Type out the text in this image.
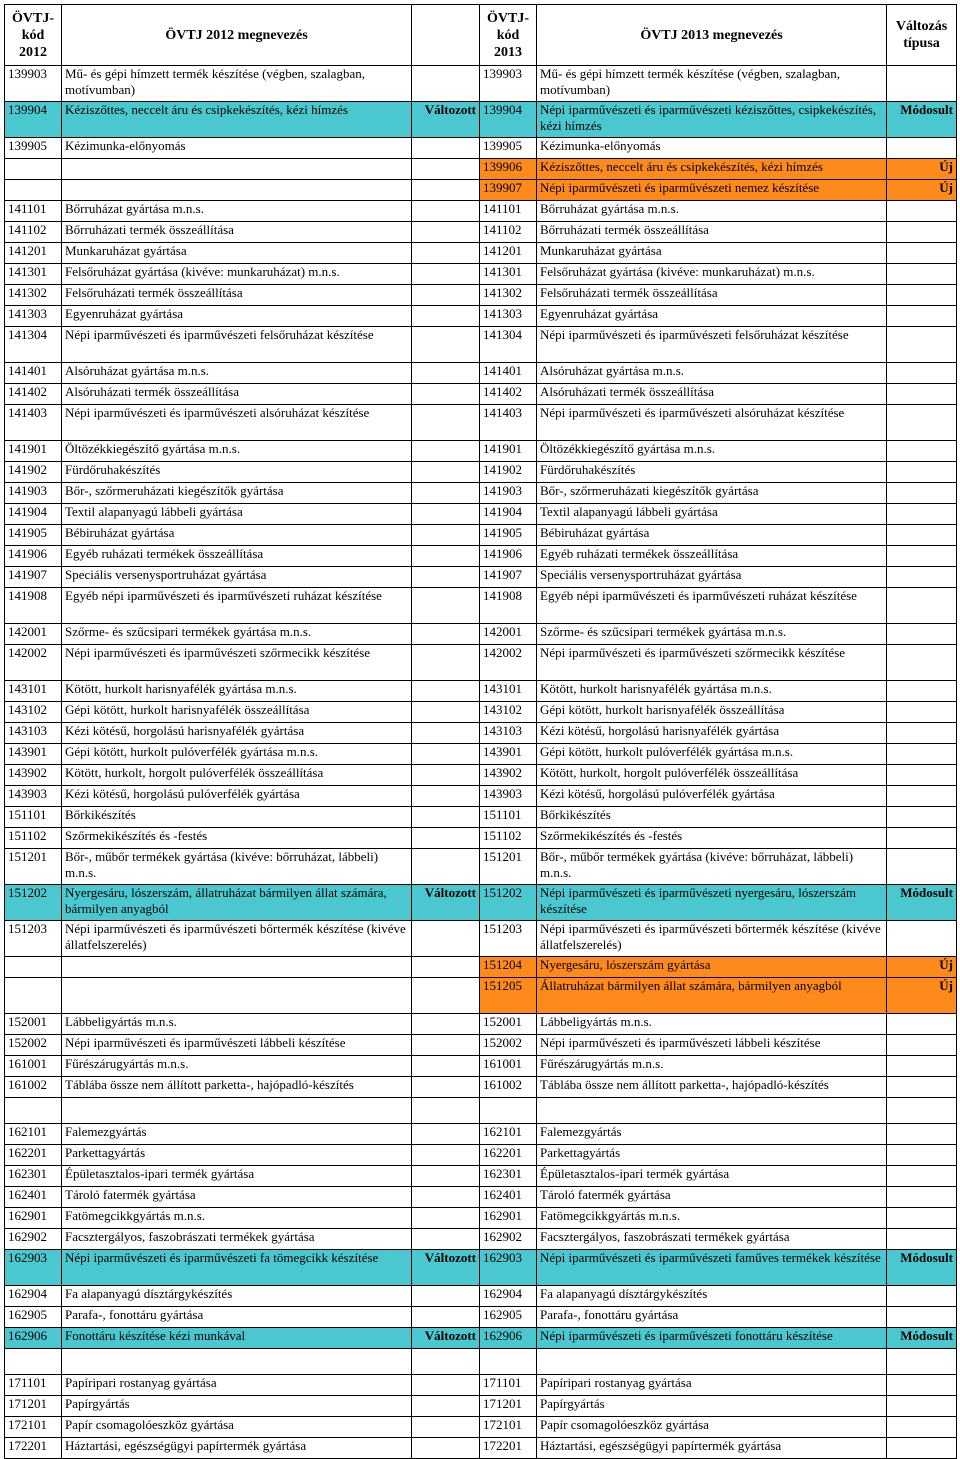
ÖVTJ-kód 2012	ÖVTJ 2012 megnevezés		ÖVTJ-kód 2013	ÖVTJ 2013 megnevezés	Változás típusa
139903	Mű- és gépi hímzett termék készítése (végben, szalagban, motívumban)		139903	Mű- és gépi hímzett termék készítése (végben, szalagban, motívumban)	
139904	Kéziszőttes, neccelt áru és csipkekészítés, kézi hímzés	Változott	139904	Népi iparművészeti és iparművészeti kéziszőttes, csipkekészítés, kézi hímzés	Módosult
139905	Kézimunka-előnyomás		139905	Kézimunka-előnyomás	
			139906	Kéziszőttes, neccelt áru és csipkekészítés, kézi hímzés	Új
			139907	Népi iparművészeti és iparművészeti nemez készítése	Új
141101	Bőrruházat gyártása m.n.s.		141101	Bőrruházat gyártása m.n.s.	
141102	Bőrruházati termék összeállítása		141102	Bőrruházati termék összeállítása	
141201	Munkaruházat gyártása		141201	Munkaruházat gyártása	
141301	Felsőruházat gyártása (kivéve: munkaruházat) m.n.s.		141301	Felsőruházat gyártása (kivéve: munkaruházat) m.n.s.	
141302	Felsőruházati termék összeállítása		141302	Felsőruházati termék összeállítása	
141303	Egyenruházat gyártása		141303	Egyenruházat gyártása	
141304	Népi iparművészeti és iparművészeti felsőruházat készítése		141304	Népi iparművészeti és iparművészeti felsőruházat készítése	
141401	Alsóruházat gyártása m.n.s.		141401	Alsóruházat gyártása m.n.s.	
141402	Alsóruházati termék összeállítása		141402	Alsóruházati termék összeállítása	
141403	Népi iparművészeti és iparművészeti alsóruházat készítése		141403	Népi iparművészeti és iparművészeti alsóruházat készítése	
141901	Öltözékkiegészítő gyártása m.n.s.		141901	Öltözékkiegészítő gyártása m.n.s.	
141902	Fürdőruhakészítés		141902	Fürdőruhakészítés	
141903	Bőr-, szőrmeruházati kiegészítők gyártása		141903	Bőr-, szőrmeruházati kiegészítők gyártása	
141904	Textil alapanyagú lábbeli gyártása		141904	Textil alapanyagú lábbeli gyártása	
141905	Bébiruházat gyártása		141905	Bébiruházat gyártása	
141906	Egyéb ruházati termékek összeállítása		141906	Egyéb ruházati termékek összeállítása	
141907	Speciális versenysportruházat gyártása		141907	Speciális versenysportruházat gyártása	
141908	Egyéb népi iparművészeti és iparművészeti ruházat készítése		141908	Egyéb népi iparművészeti és iparművészeti ruházat készítése	
142001	Szőrme- és szűcsipari termékek gyártása m.n.s.		142001	Szőrme- és szűcsipari termékek gyártása m.n.s.	
142002	Népi iparművészeti és iparművészeti szőrmecikk készítése		142002	Népi iparművészeti és iparművészeti szőrmecikk készítése	
143101	Kötött, hurkolt harisnyafélék gyártása m.n.s.		143101	Kötött, hurkolt harisnyafélék gyártása m.n.s.	
143102	Gépi kötött, hurkolt harisnyafélék összeállítása		143102	Gépi kötött, hurkolt harisnyafélék összeállítása	
143103	Kézi kötésű, horgolású harisnyafélék gyártása		143103	Kézi kötésű, horgolású harisnyafélék gyártása	
143901	Gépi kötött, hurkolt pulóverfélék gyártása m.n.s.		143901	Gépi kötött, hurkolt pulóverfélék gyártása m.n.s.	
143902	Kötött, hurkolt, horgolt pulóverfélék összeállítása		143902	Kötött, hurkolt, horgolt pulóverfélék összeállítása	
143903	Kézi kötésű, horgolású pulóverfélék gyártása		143903	Kézi kötésű, horgolású pulóverfélék gyártása	
151101	Bőrkikészítés		151101	Bőrkikészítés	
151102	Szőrmekikészítés és -festés		151102	Szőrmekikészítés és -festés	
151201	Bőr-, műbőr termékek gyártása (kivéve: bőrruházat, lábbeli) m.n.s.		151201	Bőr-, műbőr termékek gyártása (kivéve: bőrruházat, lábbeli) m.n.s.	
151202	Nyergesáru, lószerszám, állatruházat bármilyen állat számára, bármilyen anyagból	Változott	151202	Népi iparművészeti és iparművészeti nyergesáru, lószerszám készítése	Módosult
151203	Népi iparművészeti és iparművészeti bőrtermék készítése (kivéve állatfelszerelés)		151203	Népi iparművészeti és iparművészeti bőrtermék készítése (kivéve állatfelszerelés)	
			151204	Nyergesáru, lószerszám gyártása	Új
			151205	Állatruházat bármilyen állat számára, bármilyen anyagból	Új
152001	Lábbeligyártás m.n.s.		152001	Lábbeligyártás m.n.s.	
152002	Népi iparművészeti és iparművészeti lábbeli készítése		152002	Népi iparművészeti és iparművészeti lábbeli készítése	
161001	Fűrészárugyártás m.n.s.		161001	Fűrészárugyártás m.n.s.	
161002	Táblába össze nem állított parketta-, hajópadló-készítés		161002	Táblába össze nem állított parketta-, hajópadló-készítés	

162101	Falemezgyártás		162101	Falemezgyártás	
162201	Parkettagyártás		162201	Parkettagyártás	
162301	Épületasztalos-ipari termék gyártása		162301	Épületasztalos-ipari termék gyártása	
162401	Tároló fatermék gyártása		162401	Tároló fatermék gyártása	
162901	Fatömegcikkgyártás m.n.s.		162901	Fatömegcikkgyártás m.n.s.	
162902	Facsztergályos, faszobrászati termékek gyártása		162902	Facsztergályos, faszobrászati termékek gyártása	
162903	Népi iparművészeti és iparművészeti fa tömegcikk készítése	Változott	162903	Népi iparművészeti és iparművészeti faműves termékek készítése	Módosult
162904	Fa alapanyagú dísztárgykészítés		162904	Fa alapanyagú dísztárgykészítés	
162905	Parafa-, fonottáru gyártása		162905	Parafa-, fonottáru gyártása	
162906	Fonottáru készítése kézi munkával	Változott	162906	Népi iparművészeti és iparművészeti fonottáru készítése	Módosult

171101	Papíripari rostanyag gyártása		171101	Papíripari rostanyag gyártása	
171201	Papírgyártás		171201	Papírgyártás	
172101	Papír csomagolóeszköz gyártása		172101	Papír csomagolóeszköz gyártása	
172201	Háztartási, egészségügyi papírtermék gyártása		172201	Háztartási, egészségügyi papírtermék gyártása	
